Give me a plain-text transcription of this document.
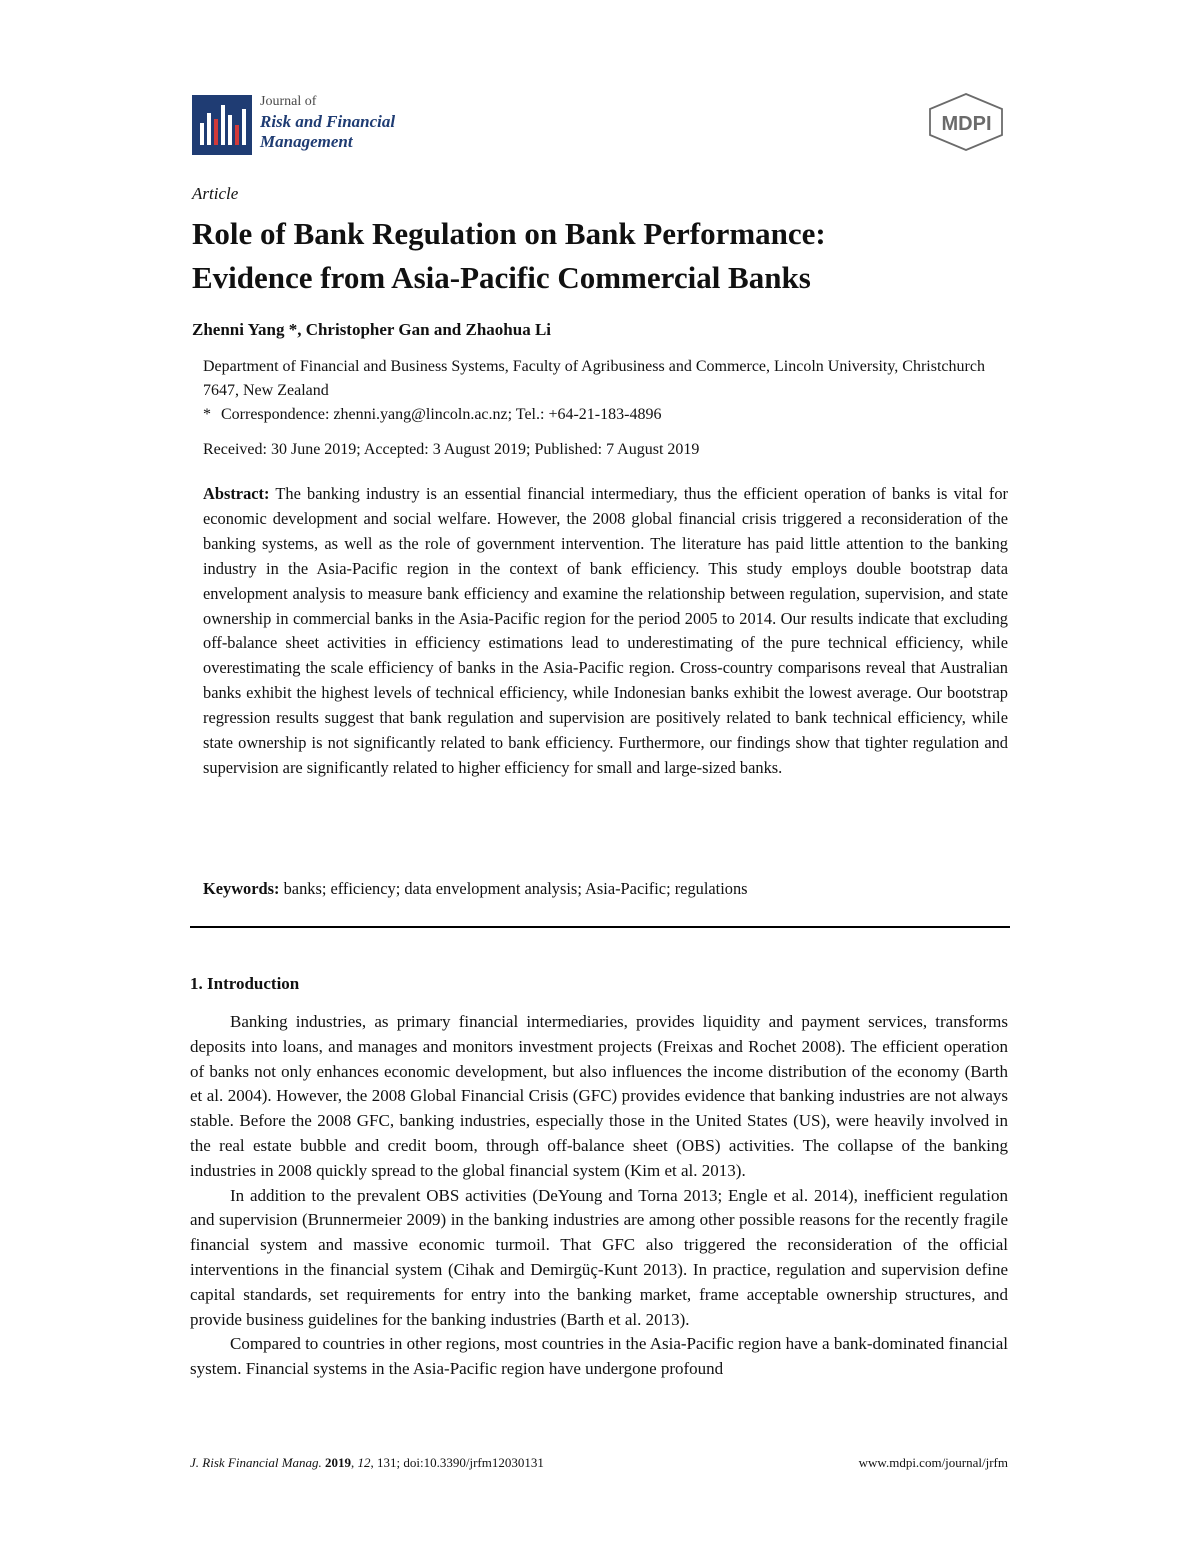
Journal of
Risk and Financial
Management
MDPI
Article
Role of Bank Regulation on Bank Performance:
Evidence from Asia-Pacific Commercial Banks
Zhenni Yang *, Christopher Gan and Zhaohua Li
Department of Financial and Business Systems, Faculty of Agribusiness and Commerce, Lincoln University, Christchurch 7647, New Zealand
* Correspondence: zhenni.yang@lincoln.ac.nz; Tel.: +64-21-183-4896
Received: 30 June 2019; Accepted: 3 August 2019; Published: 7 August 2019

Abstract: The banking industry is an essential financial intermediary, thus the efficient operation of banks is vital for economic development and social welfare. However, the 2008 global financial crisis triggered a reconsideration of the banking systems, as well as the role of government intervention. The literature has paid little attention to the banking industry in the Asia-Pacific region in the context of bank efficiency. This study employs double bootstrap data envelopment analysis to measure bank efficiency and examine the relationship between regulation, supervision, and state ownership in commercial banks in the Asia-Pacific region for the period 2005 to 2014. Our results indicate that excluding off-balance sheet activities in efficiency estimations lead to underestimating of the pure technical efficiency, while overestimating the scale efficiency of banks in the Asia-Pacific region. Cross-country comparisons reveal that Australian banks exhibit the highest levels of technical efficiency, while Indonesian banks exhibit the lowest average. Our bootstrap regression results suggest that bank regulation and supervision are positively related to bank technical efficiency, while state ownership is not significantly related to bank efficiency. Furthermore, our findings show that tighter regulation and supervision are significantly related to higher efficiency for small and large-sized banks.

Keywords: banks; efficiency; data envelopment analysis; Asia-Pacific; regulations
1. Introduction

Banking industries, as primary financial intermediaries, provides liquidity and payment services, transforms deposits into loans, and manages and monitors investment projects (Freixas and Rochet 2008). The efficient operation of banks not only enhances economic development, but also influences the income distribution of the economy (Barth et al. 2004). However, the 2008 Global Financial Crisis (GFC) provides evidence that banking industries are not always stable. Before the 2008 GFC, banking industries, especially those in the United States (US), were heavily involved in the real estate bubble and credit boom, through off-balance sheet (OBS) activities. The collapse of the banking industries in 2008 quickly spread to the global financial system (Kim et al. 2013).

In addition to the prevalent OBS activities (DeYoung and Torna 2013; Engle et al. 2014), inefficient regulation and supervision (Brunnermeier 2009) in the banking industries are among other possible reasons for the recently fragile financial system and massive economic turmoil. That GFC also triggered the reconsideration of the official interventions in the financial system (Cihak and Demirgüç-Kunt 2013). In practice, regulation and supervision define capital standards, set requirements for entry into the banking market, frame acceptable ownership structures, and provide business guidelines for the banking industries (Barth et al. 2013).

Compared to countries in other regions, most countries in the Asia-Pacific region have a bank-dominated financial system. Financial systems in the Asia-Pacific region have undergone profound

J. Risk Financial Manag. 2019, 12, 131; doi:10.3390/jrfm12030131	www.mdpi.com/journal/jrfm
